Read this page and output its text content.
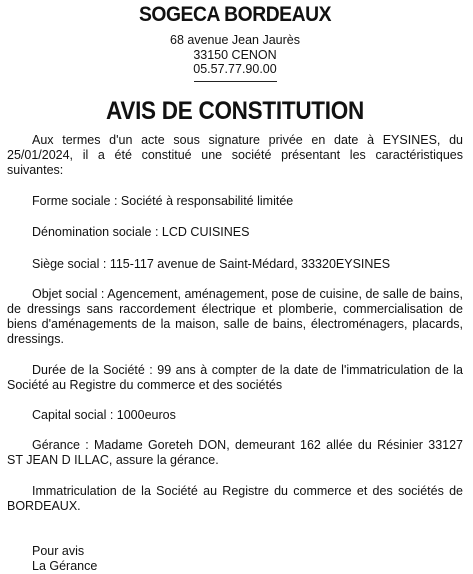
SOGECA BORDEAUX
68 avenue Jean Jaurès
33150 CENON
05.57.77.90.00
AVIS DE CONSTITUTION

Aux termes d'un acte sous signature privée en date à EYSINES, du 25/01/2024, il a été constitué une société présentant les caractéristiques suivantes:

Forme sociale : Société à responsabilité limitée

Dénomination sociale : LCD CUISINES

Siège social : 115-117 avenue de Saint-Médard, 33320EYSINES

Objet social : Agencement, aménagement, pose de cuisine, de salle de bains, de dressings sans raccordement électrique et plomberie, commercialisation de biens d'aménagements de la maison, salle de bains, électroménagers, placards, dressings.

Durée de la Société : 99 ans à compter de la date de l'immatriculation de la Société au Registre du commerce et des sociétés

Capital social : 1000euros

Gérance : Madame Goreteh DON, demeurant 162 allée du Résinier 33127 ST JEAN D ILLAC, assure la gérance.

Immatriculation de la Société au Registre du commerce et des sociétés de BORDEAUX.

Pour avis
La Gérance
